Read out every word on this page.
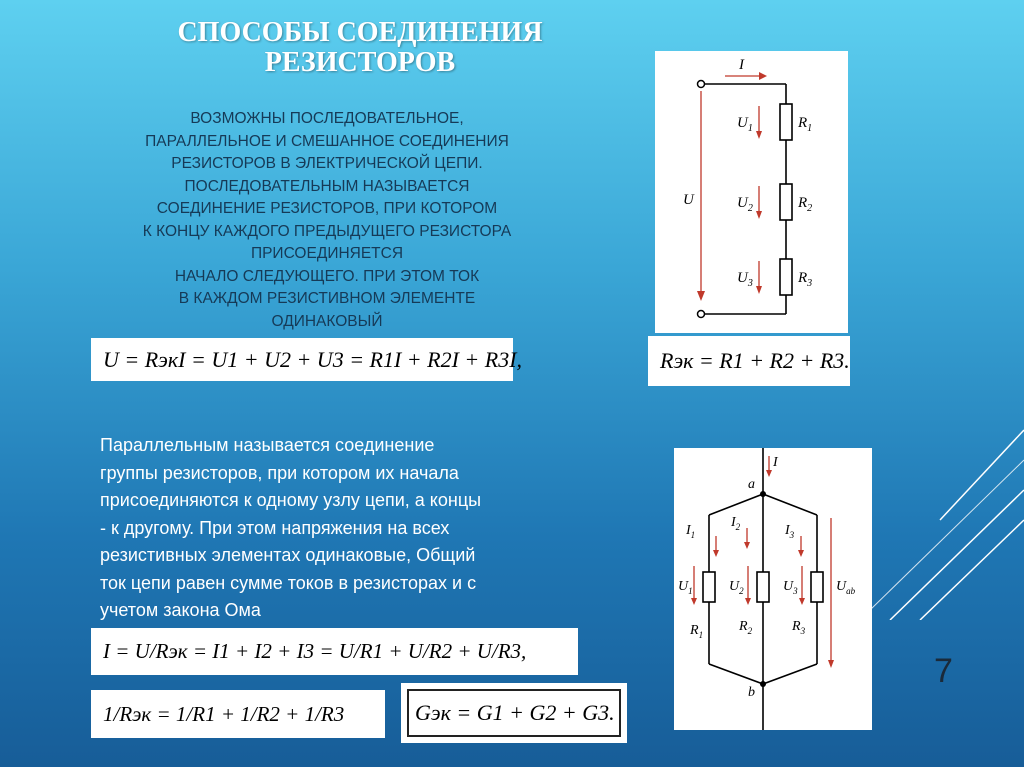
СПОСОБЫ СОЕДИНЕНИЯ
РЕЗИСТОРОВ
ВОЗМОЖНЫ ПОСЛЕДОВАТЕЛЬНОЕ,
ПАРАЛЛЕЛЬНОЕ И СМЕШАННОЕ СОЕДИНЕНИЯ
РЕЗИСТОРОВ В ЭЛЕКТРИЧЕСКОЙ ЦЕПИ.
ПОСЛЕДОВАТЕЛЬНЫМ НАЗЫВАЕТСЯ
СОЕДИНЕНИЕ РЕЗИСТОРОВ, ПРИ КОТОРОМ
К КОНЦУ КАЖДОГО ПРЕДЫДУЩЕГО РЕЗИСТОРА
ПРИСОЕДИНЯЕТСЯ
НАЧАЛО СЛЕДУЮЩЕГО. ПРИ ЭТОМ ТОК
В КАЖДОМ РЕЗИСТИВНОМ ЭЛЕМЕНТЕ
ОДИНАКОВЫЙ
U = RэкI = U1 + U2 + U3 = R1I + R2I + R3I,
I
U
$U_1$
$U_2$
$U_3$
$R_1$
$R_2$
$R_3$
Rэк = R1 + R2 + R3.
Параллельным называется соединение
группы резисторов, при котором их начала
присоединяются к одному узлу цепи, а концы
- к другому. При этом напряжения на всех
резистивных элементах одинаковые, Общий
ток цепи равен сумме токов в резисторах и с
учетом закона Ома
I
a
b
$I_1$
$I_2$	$I_3$
$U_1$	$U_2$	$U_3$	$U_{ab}$
$R_1$
$R_2$	$R_3$
I = U/Rэк = I1 + I2 + I3 = U/R1 + U/R2 + U/R3,
1/Rэк = 1/R1 + 1/R2 + 1/R3	Gэк = G1 + G2 + G3.
7
